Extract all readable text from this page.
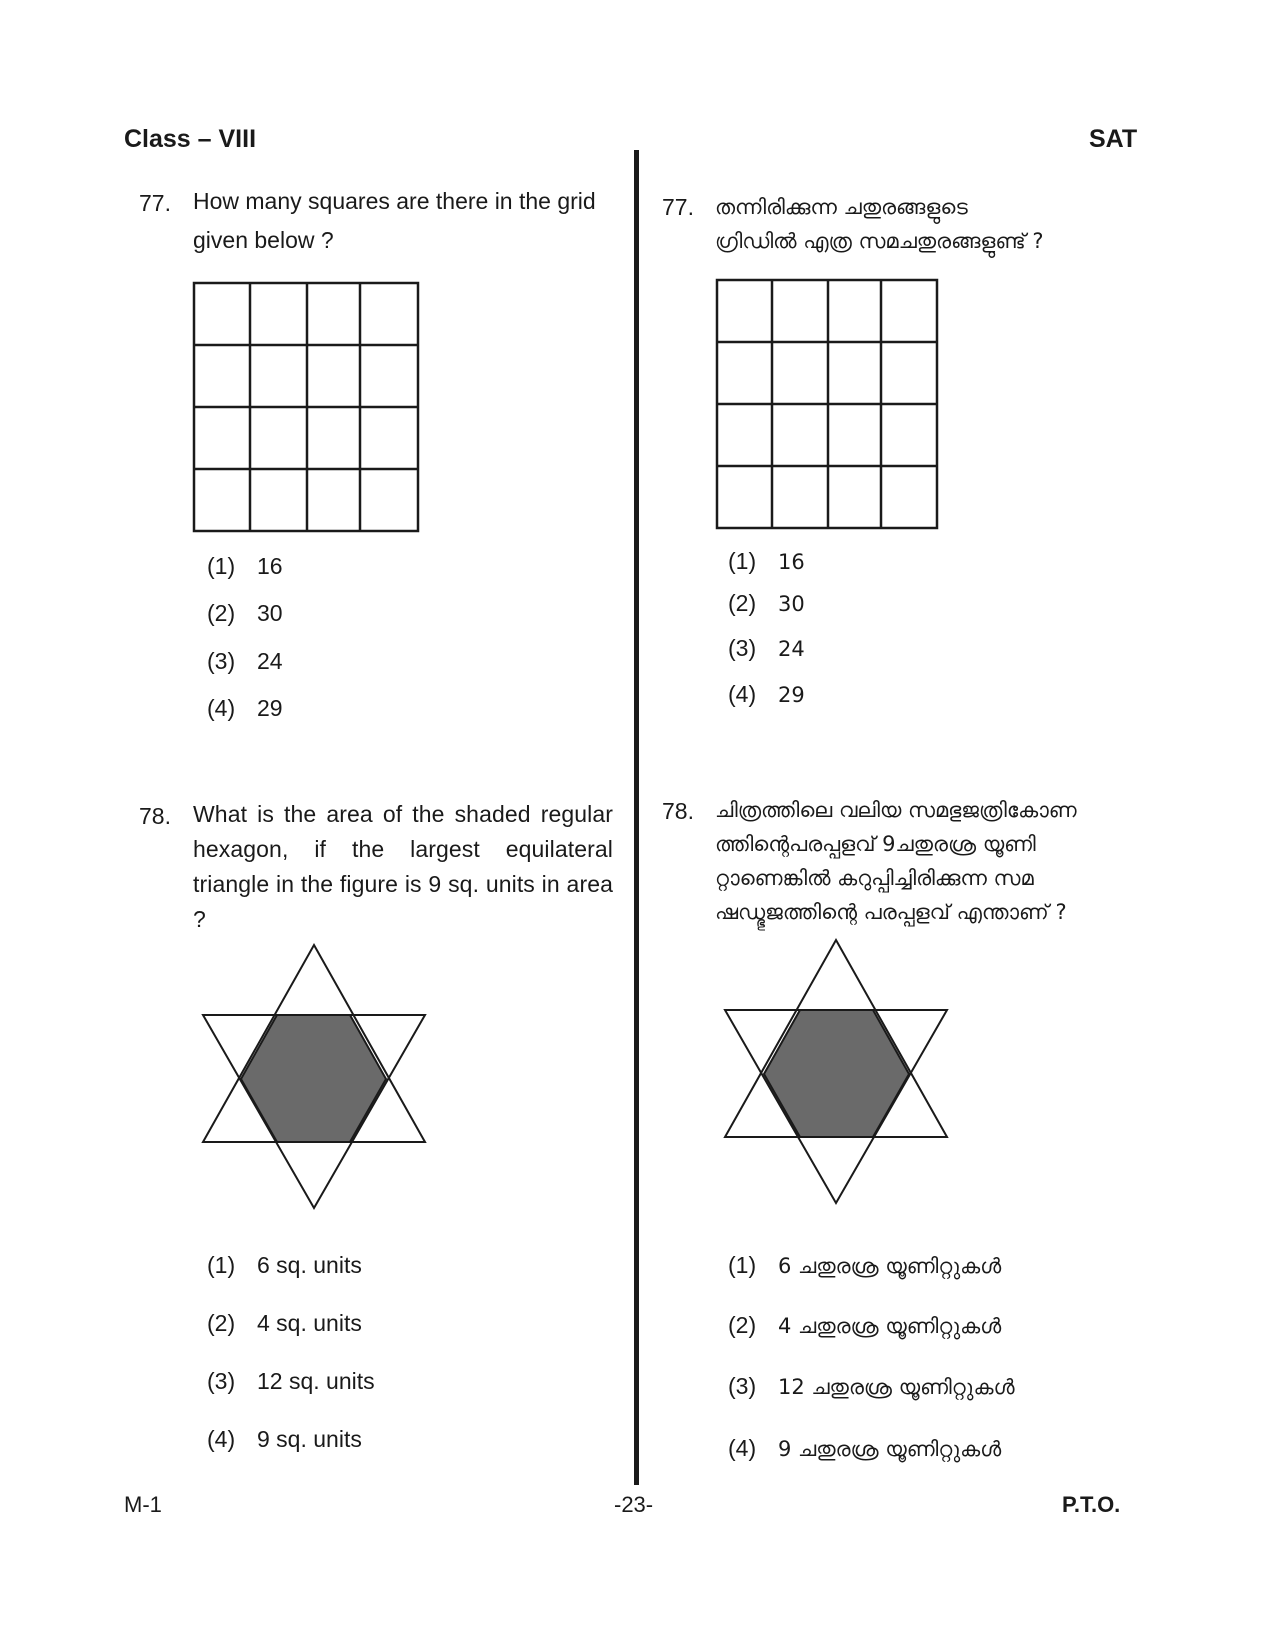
Class – VIII	SAT
77. How many squares are there in the grid
given below ?
(1) 16
(2) 30
(3) 24
(4) 29
78. What is the area of the shaded regular hexagon, if the largest equilateral triangle in the figure is 9 sq. units in area ?
(1) 6 sq. units
(2) 4 sq. units
(3) 12 sq. units
(4) 9 sq. units
77. തന്നിരിക്കുന്ന ചതുരങ്ങളുടെ
ഗ്രിഡിൽ എത്ര സമചതുരങ്ങളുണ്ട് ?
(1) 16
(2) 30
(3) 24
(4) 29
78. ചിത്രത്തിലെ വലിയ സമഭുജത്രികോണ
ത്തിന്റെപരപ്പളവ് 9ചതുരശ്ര യൂണി
റ്റാണെങ്കിൽ കറുപ്പിച്ചിരിക്കുന്ന സമ
ഷഡ്ഭുജത്തിന്റെ പരപ്പളവ് എന്താണ് ?
(1) 6 ചതുരശ്ര യൂണിറ്റുകൾ
(2) 4 ചതുരശ്ര യൂണിറ്റുകൾ
(3) 12 ചതുരശ്ര യൂണിറ്റുകൾ
(4) 9 ചതുരശ്ര യൂണിറ്റുകൾ
M-1	-23-	P.T.O.
